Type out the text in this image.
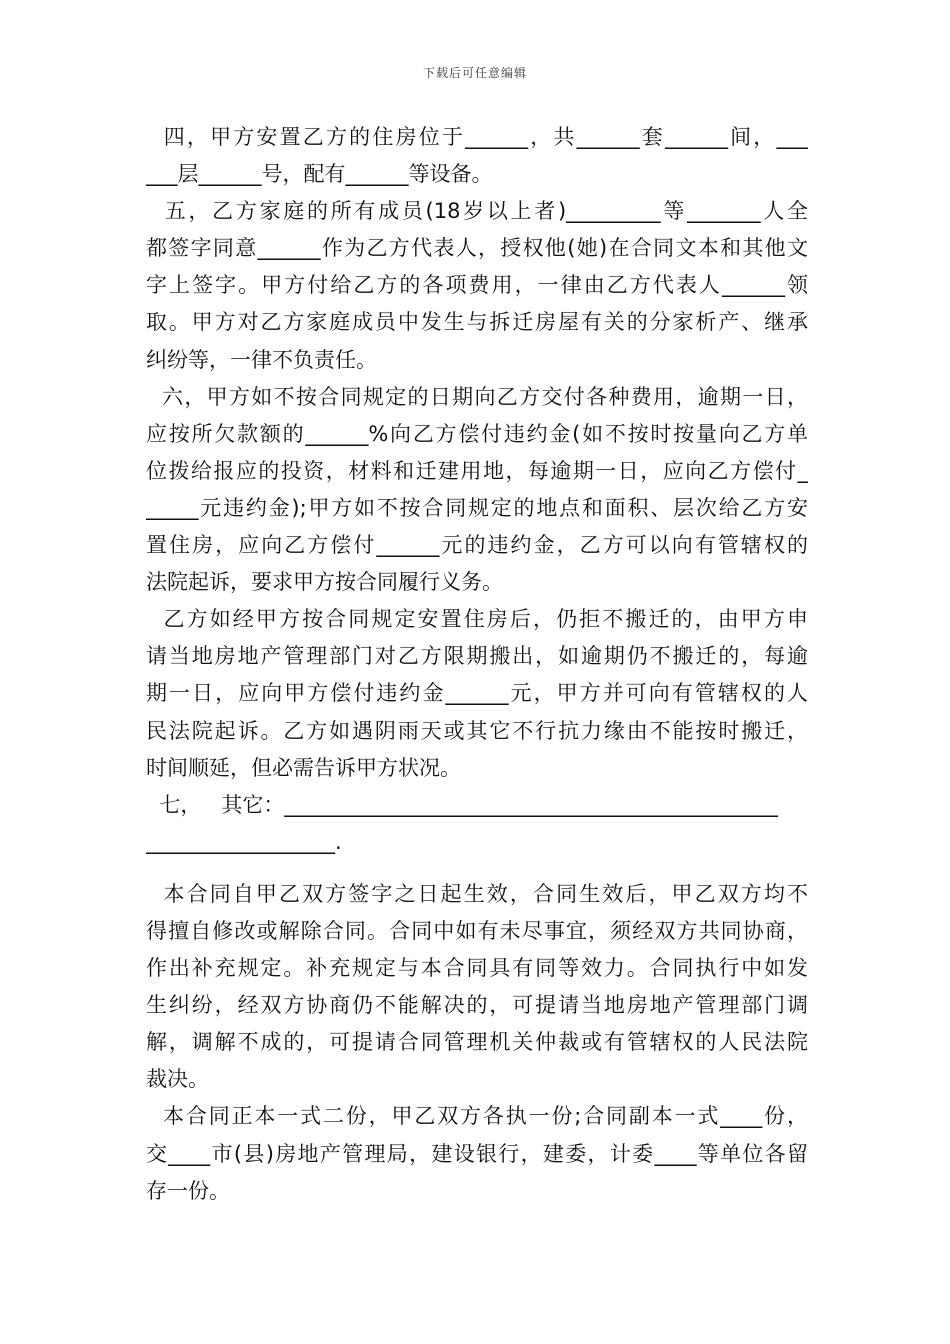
下载后可任意编辑
四，甲方安置乙方的住房位于______，共______套______间，___
___层______号，配有______等设备。
五，乙方家庭的所有成员(18岁以上者)_________等_______人全
都签字同意______作为乙方代表人，授权他(她)在合同文本和其他文
字上签字。甲方付给乙方的各项费用，一律由乙方代表人______领
取。甲方对乙方家庭成员中发生与拆迁房屋有关的分家析产、继承
纠纷等，一律不负责任。
六，甲方如不按合同规定的日期向乙方交付各种费用，逾期一日，
应按所欠款额的______%向乙方偿付违约金(如不按时按量向乙方单
位拨给报应的投资，材料和迁建用地，每逾期一日，应向乙方偿付_
_____元违约金);甲方如不按合同规定的地点和面积、层次给乙方安
置住房，应向乙方偿付______元的违约金，乙方可以向有管辖权的
法院起诉，要求甲方按合同履行义务。
乙方如经甲方按合同规定安置住房后，仍拒不搬迁的，由甲方申
请当地房地产管理部门对乙方限期搬出，如逾期仍不搬迁的，每逾
期一日，应向甲方偿付违约金______元，甲方并可向有管辖权的人
民法院起诉。乙方如遇阴雨天或其它不行抗力缘由不能按时搬迁，
时间顺延，但必需告诉甲方状况。
七，   其它：_______________________________________________
__________________.
本合同自甲乙双方签字之日起生效，合同生效后，甲乙双方均不
得擅自修改或解除合同。合同中如有未尽事宜，须经双方共同协商，
作出补充规定。补充规定与本合同具有同等效力。合同执行中如发
生纠纷，经双方协商仍不能解决的，可提请当地房地产管理部门调
解，调解不成的，可提请合同管理机关仲裁或有管辖权的人民法院
裁决。
本合同正本一式二份，甲乙双方各执一份;合同副本一式____份，
交____市(县)房地产管理局，建设银行，建委，计委____等单位各留
存一份。
